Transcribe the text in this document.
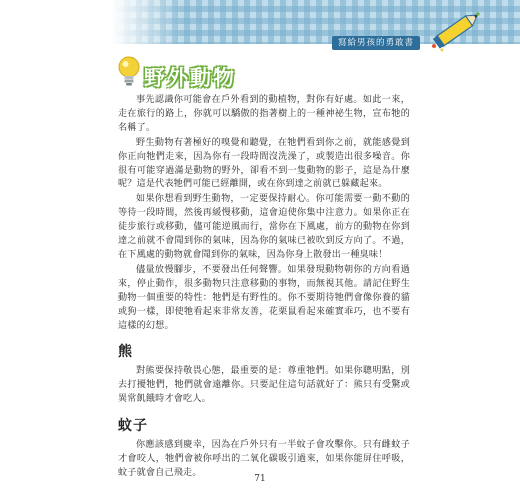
寫給男孩的勇敢書
野外動物

事先認識你可能會在戶外看到的動植物，對你有好處。如此一來，走在旅行的路上，你就可以驕傲的指著樹上的一種神祕生物，宣布牠的名稱了。

野生動物有著極好的嗅覺和聽覺，在牠們看到你之前，就能感覺到你正向牠們走來，因為你有一段時間沒洗澡了，或製造出很多噪音。你很有可能穿過滿是動物的野外，卻看不到一隻動物的影子，這是為什麼呢？這是代表牠們可能已經離開，或在你到達之前就已躲藏起來。

如果你想看到野生動物，一定要保持耐心。你可能需要一動不動的等待一段時間，然後再緩慢移動，這會迫使你集中注意力。如果你正在徒步旅行或移動，儘可能逆風而行，當你在下風處，前方的動物在你到達之前就不會聞到你的氣味，因為你的氣味已被吹到反方向了。不過，在下風處的動物就會聞到你的氣味，因為你身上散發出一種臭味！

儘量放慢腳步，不要發出任何聲響。如果發現動物朝你的方向看過來，停止動作，很多動物只注意移動的事物，而無視其他。請記住野生動物一個重要的特性：牠們是有野性的。你不要期待牠們會像你養的貓或狗一樣，即使牠看起來非常友善，花栗鼠看起來確實乖巧，也不要有這樣的幻想。

熊

對熊要保持敬畏心態，最重要的是：尊重牠們。如果你聰明點，別去打擾牠們，牠們就會遠離你。只要記住這句話就好了：熊只有受驚或異常飢餓時才會吃人。

蚊子

你應該感到慶幸，因為在戶外只有一半蚊子會攻擊你。只有雌蚊子才會咬人，牠們會被你呼出的二氧化碳吸引過來，如果你能屏住呼吸，蚊子就會自己飛走。

71
